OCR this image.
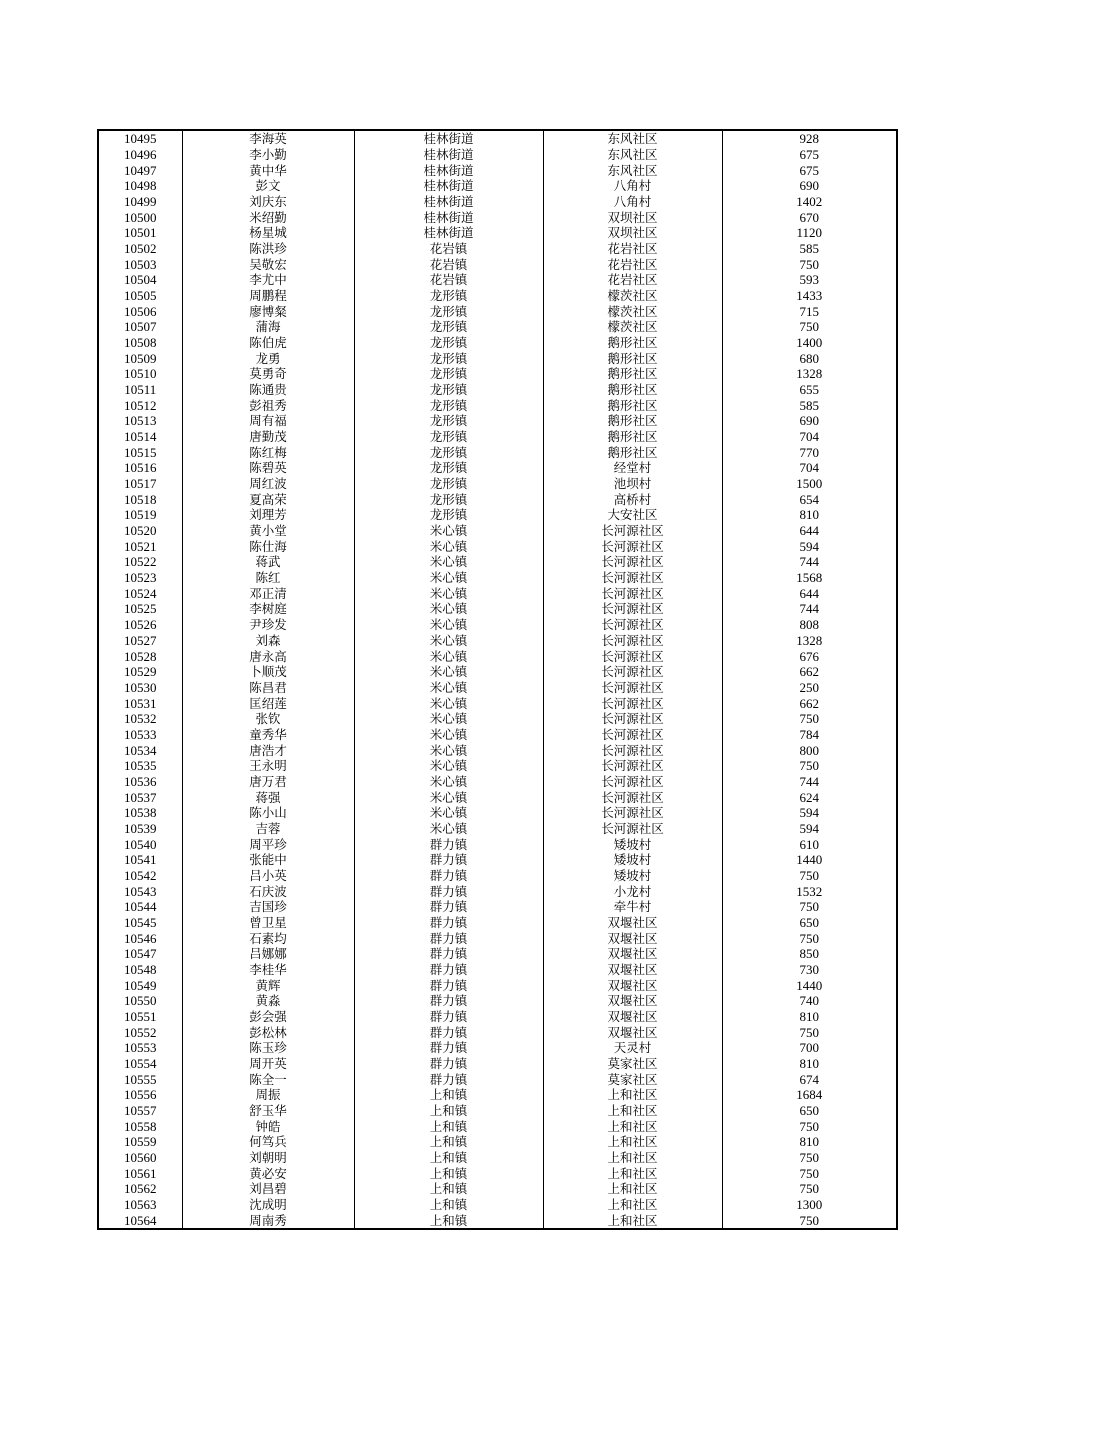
10495	李海英	桂林街道	东风社区	928
10496	李小勤	桂林街道	东风社区	675
10497	黄中华	桂林街道	东风社区	675
10498	彭文	桂林街道	八角村	690
10499	刘庆东	桂林街道	八角村	1402
10500	米绍勤	桂林街道	双坝社区	670
10501	杨星城	桂林街道	双坝社区	1120
10502	陈洪珍	花岩镇	花岩社区	585
10503	吴敬宏	花岩镇	花岩社区	750
10504	李尤中	花岩镇	花岩社区	593
10505	周鹏程	龙形镇	檬茨社区	1433
10506	廖博粲	龙形镇	檬茨社区	715
10507	蒲海	龙形镇	檬茨社区	750
10508	陈伯虎	龙形镇	鹅形社区	1400
10509	龙勇	龙形镇	鹅形社区	680
10510	莫勇奇	龙形镇	鹅形社区	1328
10511	陈通贵	龙形镇	鹅形社区	655
10512	彭祖秀	龙形镇	鹅形社区	585
10513	周有福	龙形镇	鹅形社区	690
10514	唐勤茂	龙形镇	鹅形社区	704
10515	陈红梅	龙形镇	鹅形社区	770
10516	陈碧英	龙形镇	经堂村	704
10517	周红波	龙形镇	池坝村	1500
10518	夏高荣	龙形镇	高桥村	654
10519	刘理芳	龙形镇	大安社区	810
10520	黄小堂	米心镇	长河源社区	644
10521	陈仕海	米心镇	长河源社区	594
10522	蒋武	米心镇	长河源社区	744
10523	陈红	米心镇	长河源社区	1568
10524	邓正清	米心镇	长河源社区	644
10525	李树庭	米心镇	长河源社区	744
10526	尹珍发	米心镇	长河源社区	808
10527	刘森	米心镇	长河源社区	1328
10528	唐永高	米心镇	长河源社区	676
10529	卜顺茂	米心镇	长河源社区	662
10530	陈昌君	米心镇	长河源社区	250
10531	匡绍莲	米心镇	长河源社区	662
10532	张钦	米心镇	长河源社区	750
10533	童秀华	米心镇	长河源社区	784
10534	唐浩才	米心镇	长河源社区	800
10535	王永明	米心镇	长河源社区	750
10536	唐万君	米心镇	长河源社区	744
10537	蒋强	米心镇	长河源社区	624
10538	陈小山	米心镇	长河源社区	594
10539	吉蓉	米心镇	长河源社区	594
10540	周平珍	群力镇	矮坡村	610
10541	张能中	群力镇	矮坡村	1440
10542	吕小英	群力镇	矮坡村	750
10543	石庆波	群力镇	小龙村	1532
10544	吉国珍	群力镇	牵牛村	750
10545	曾卫星	群力镇	双堰社区	650
10546	石素均	群力镇	双堰社区	750
10547	吕娜娜	群力镇	双堰社区	850
10548	李桂华	群力镇	双堰社区	730
10549	黄辉	群力镇	双堰社区	1440
10550	黄淼	群力镇	双堰社区	740
10551	彭会强	群力镇	双堰社区	810
10552	彭松林	群力镇	双堰社区	750
10553	陈玉珍	群力镇	天灵村	700
10554	周开英	群力镇	莫家社区	810
10555	陈全一	群力镇	莫家社区	674
10556	周振	上和镇	上和社区	1684
10557	舒玉华	上和镇	上和社区	650
10558	钟皓	上和镇	上和社区	750
10559	何笃兵	上和镇	上和社区	810
10560	刘朝明	上和镇	上和社区	750
10561	黄必安	上和镇	上和社区	750
10562	刘昌碧	上和镇	上和社区	750
10563	沈成明	上和镇	上和社区	1300
10564	周南秀	上和镇	上和社区	750
